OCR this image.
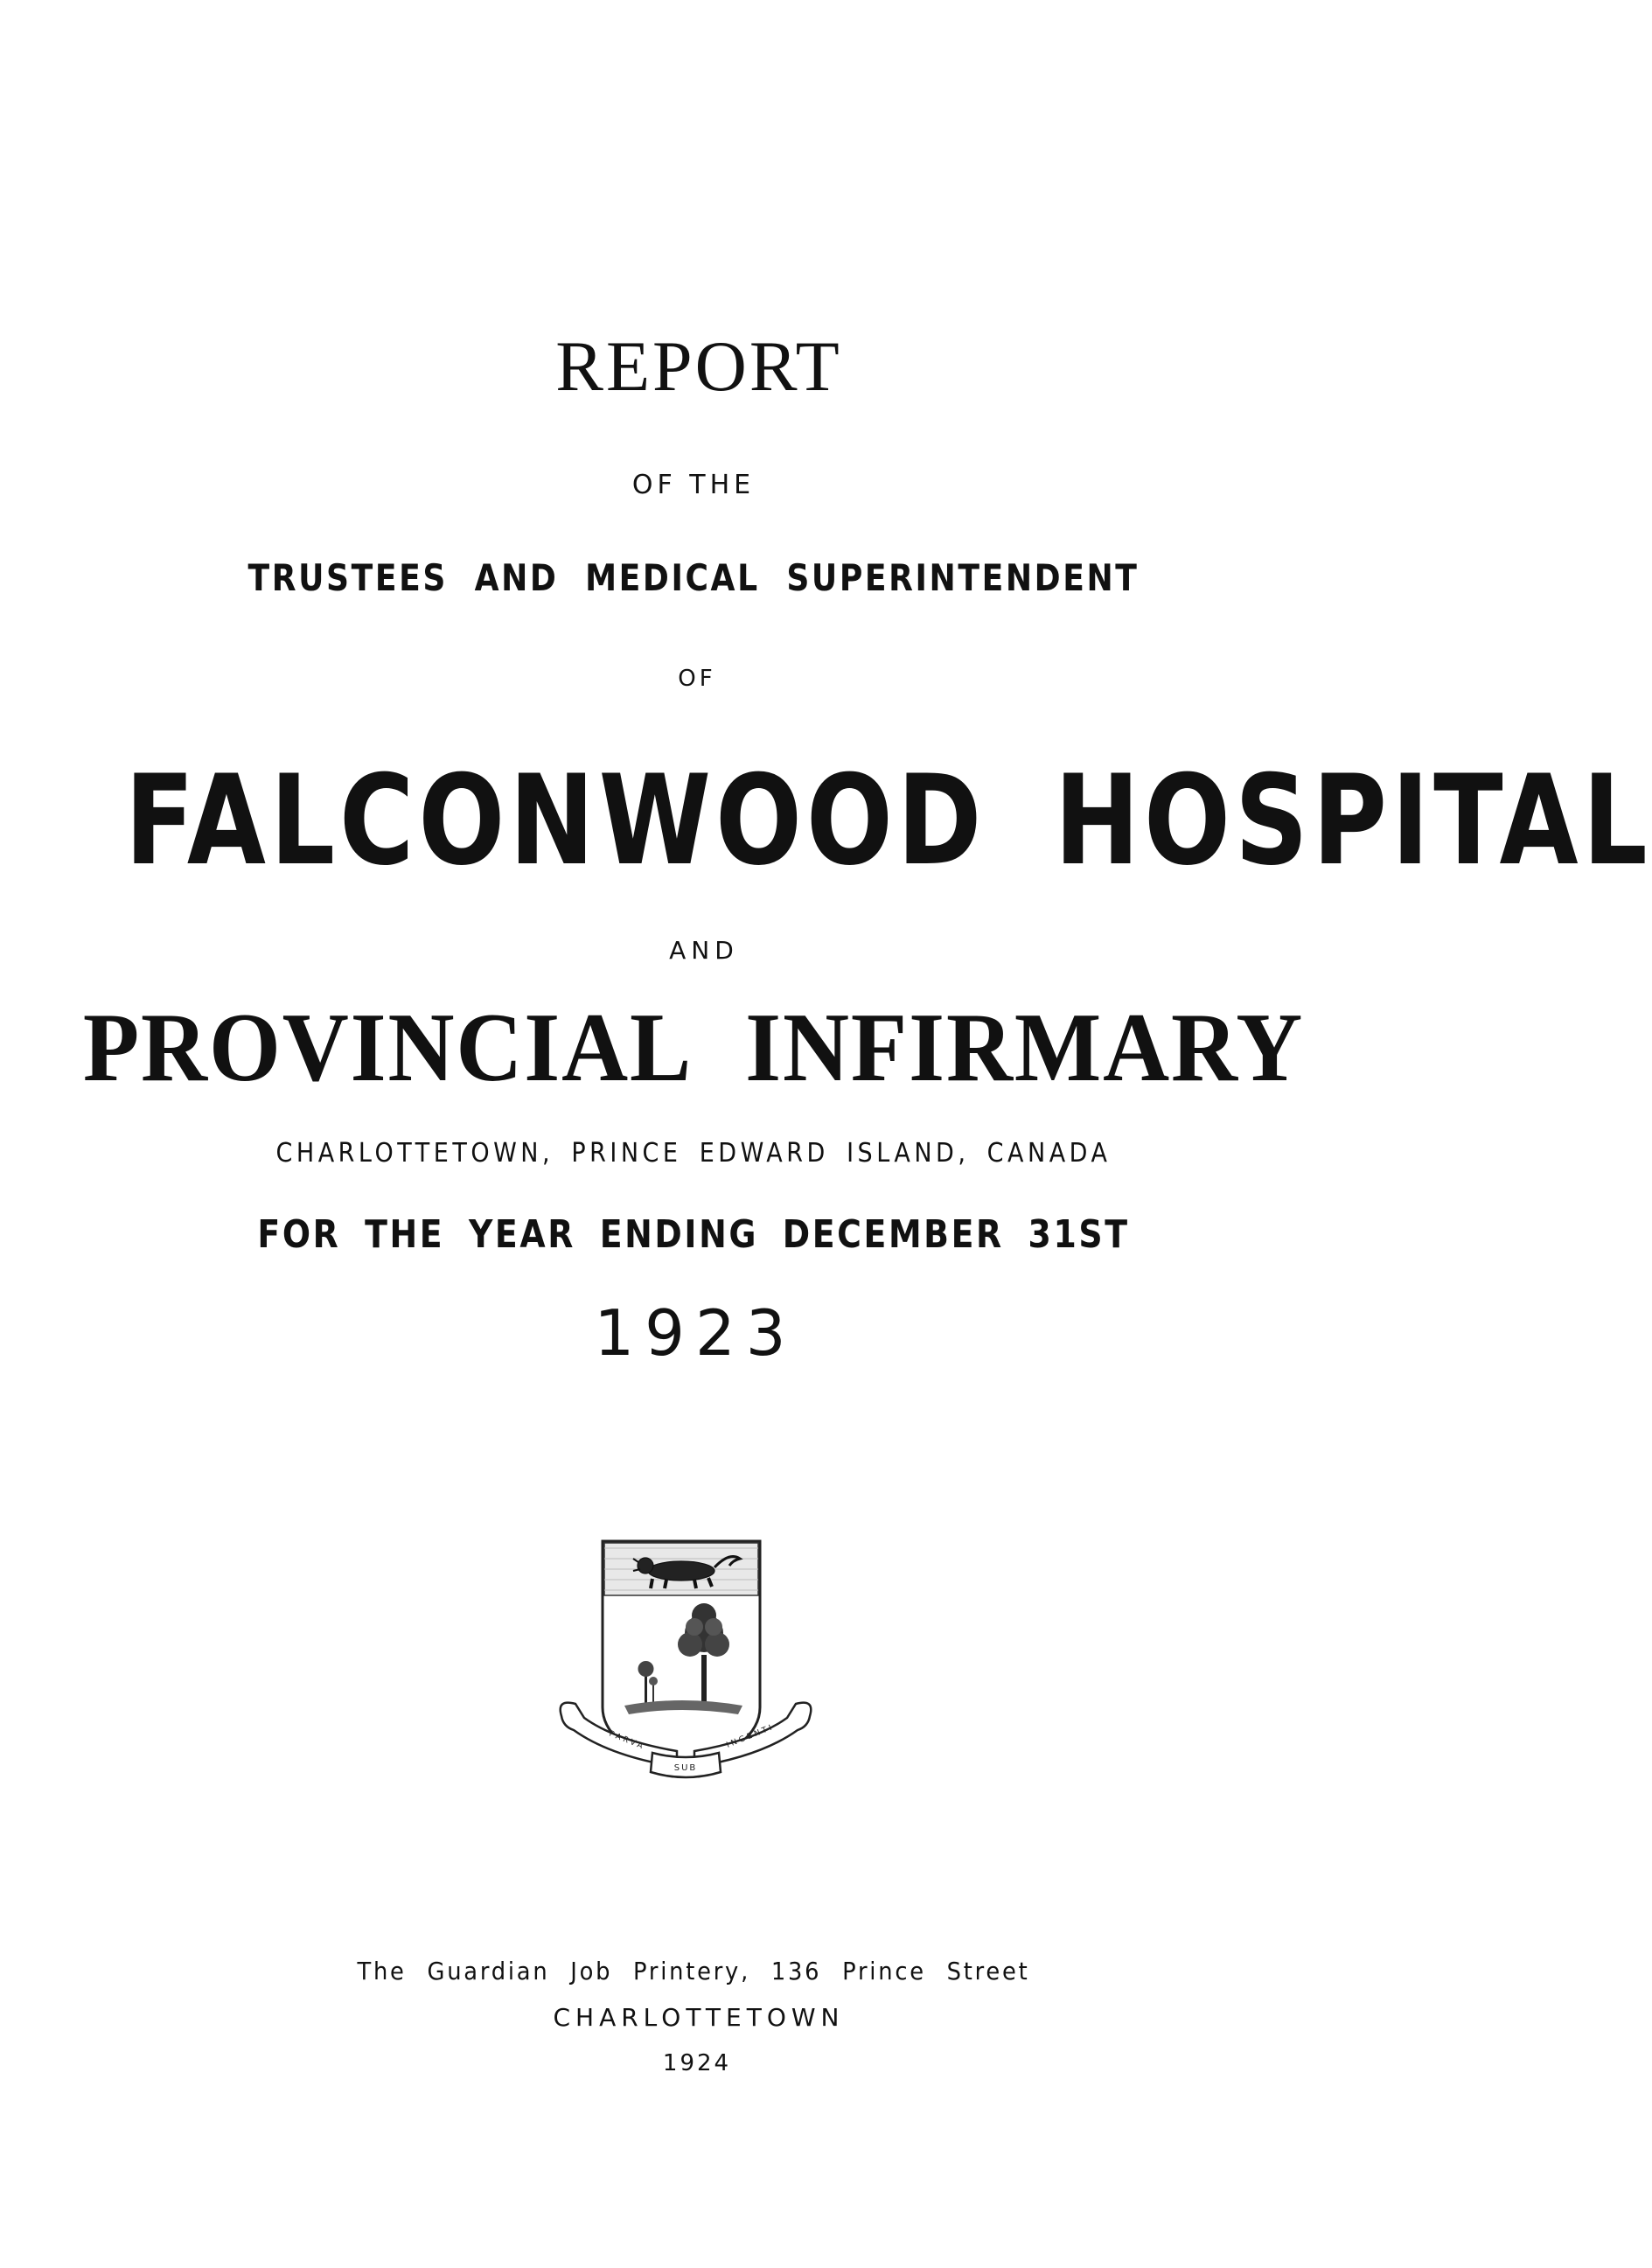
REPORT
OF THE
TRUSTEES AND MEDICAL SUPERINTENDENT
OF
FALCONWOOD HOSPITAL
AND
PROVINCIAL INFIRMARY
CHARLOTTETOWN, PRINCE EDWARD ISLAND, CANADA
FOR THE YEAR ENDING DECEMBER 31ST
1923
SUB
PARVA	INGENTI
The Guardian Job Printery, 136 Prince Street
CHARLOTTETOWN
1924
